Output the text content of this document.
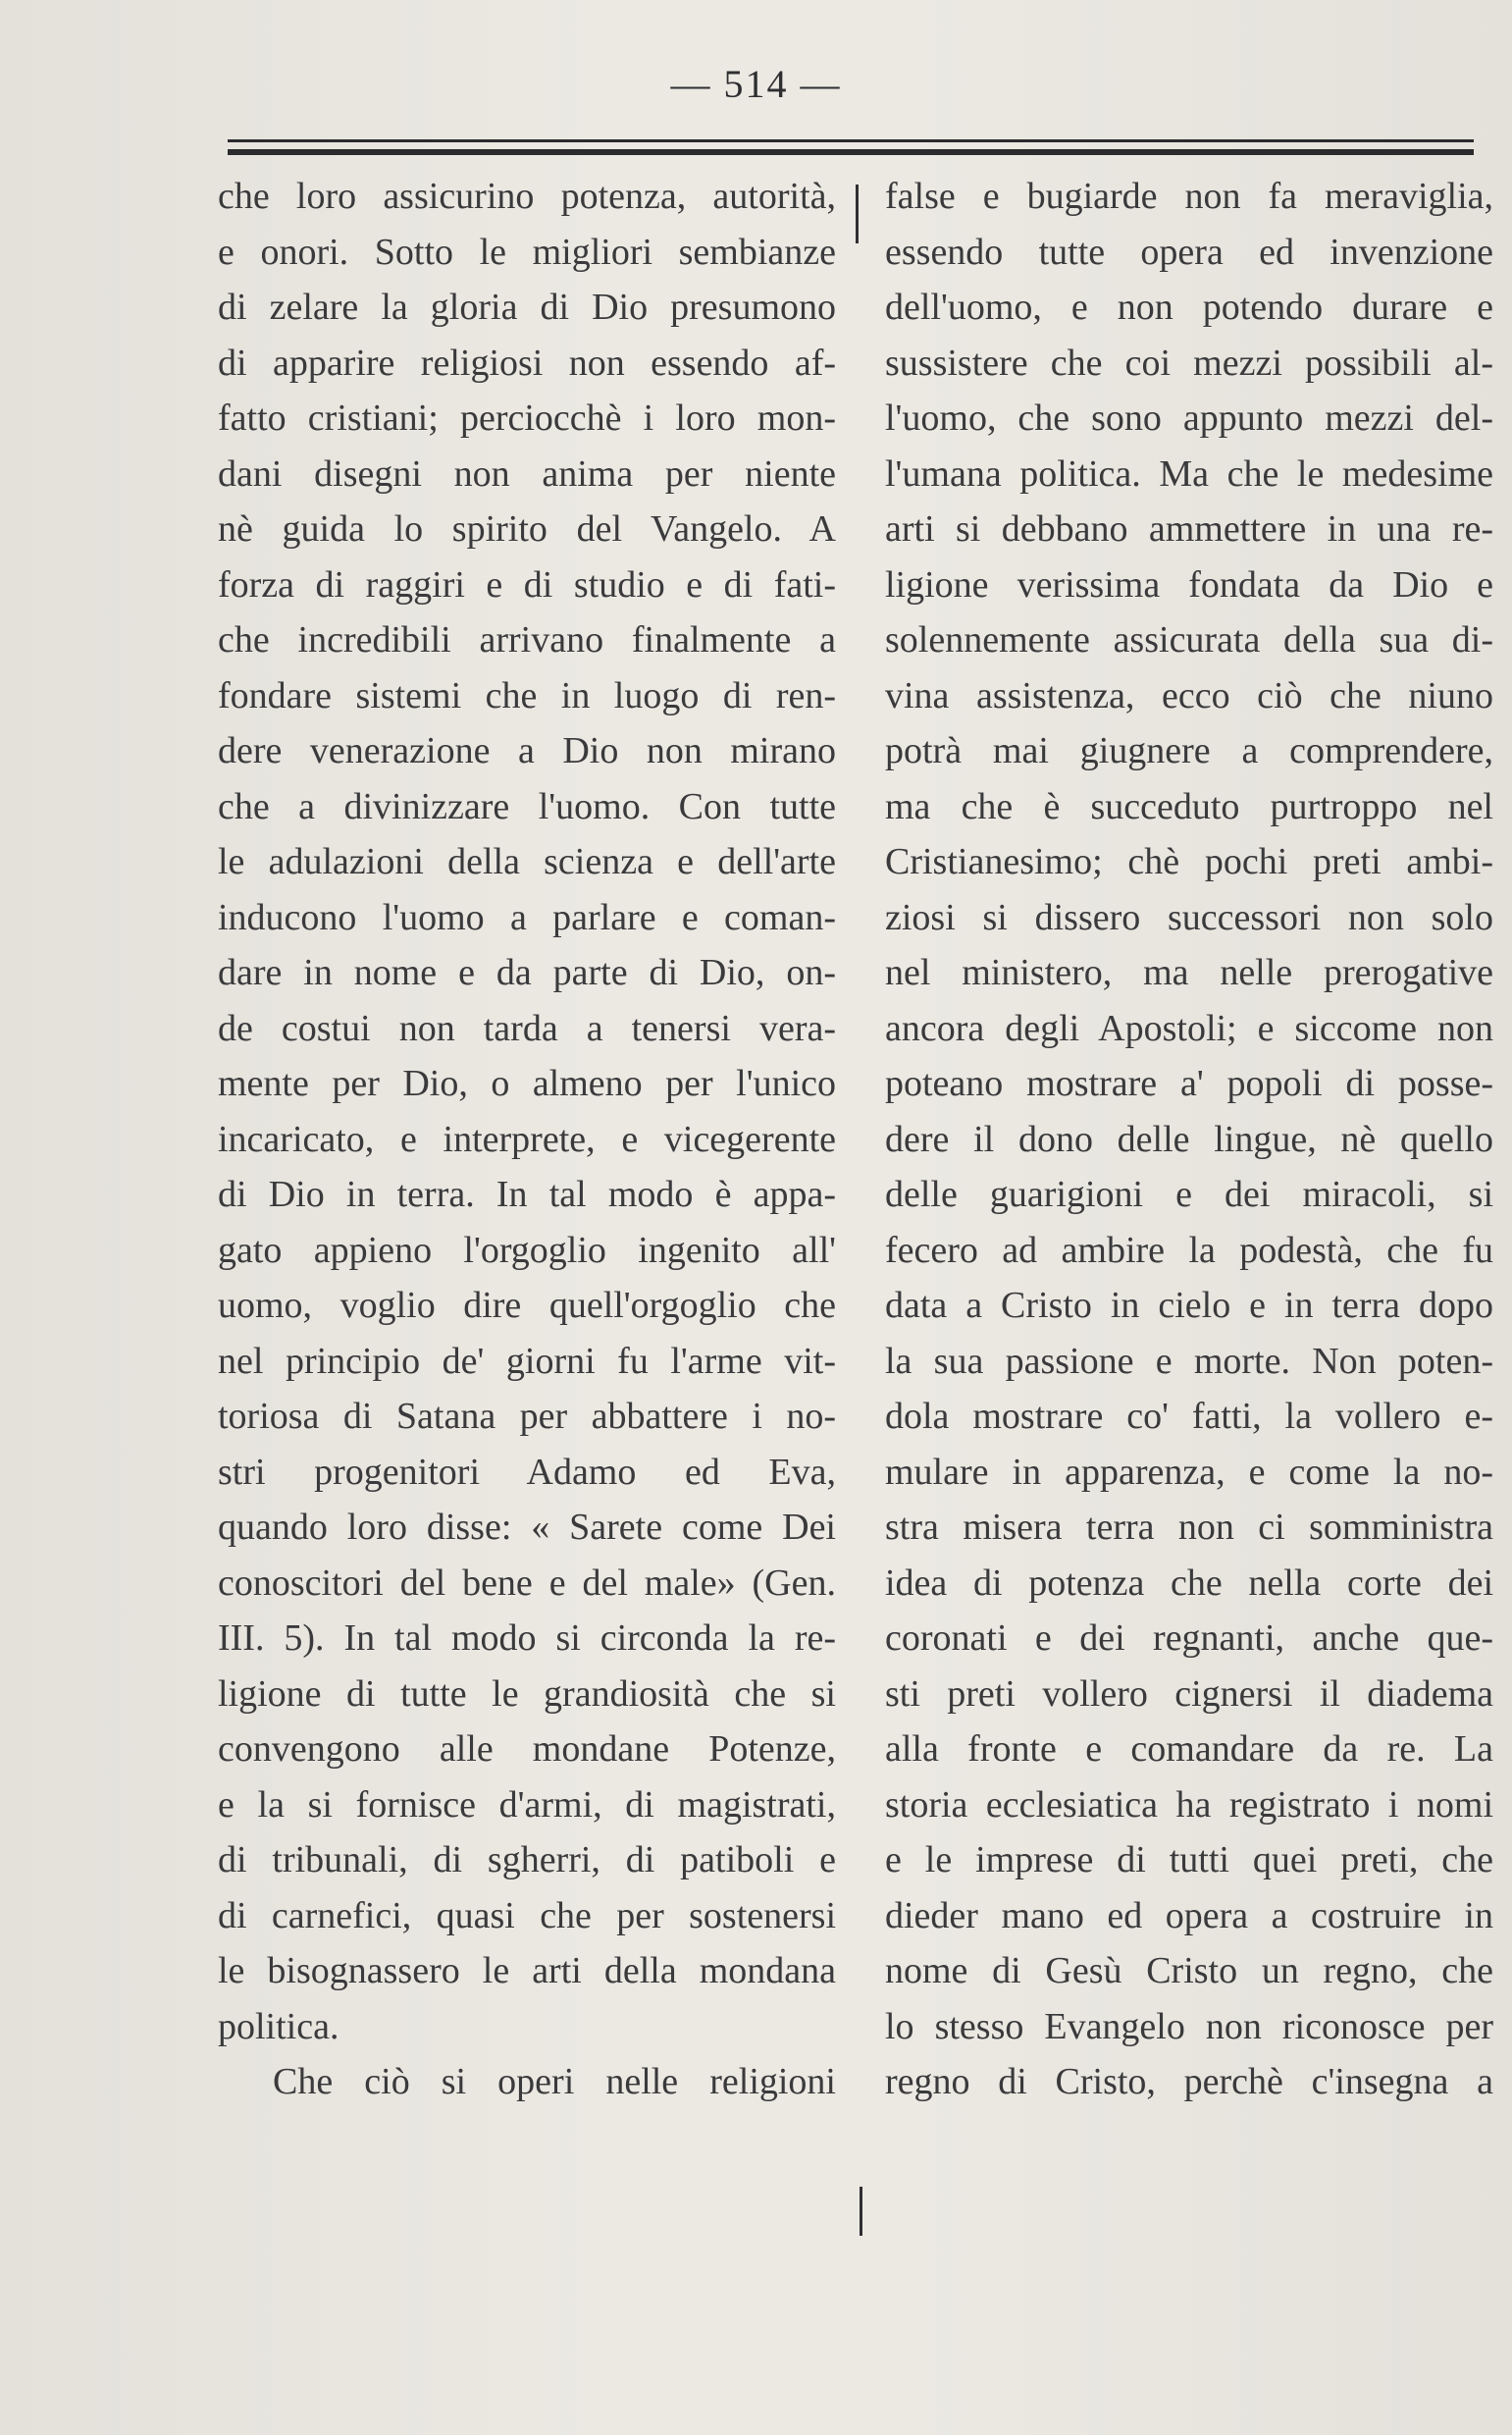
— 514 —
che loro assicurino potenza, autorità,
e onori. Sotto le migliori sembianze
di zelare la gloria di Dio presumono
di apparire religiosi non essendo af-
fatto cristiani; perciocchè i loro mon-
dani disegni non anima per niente
nè guida lo spirito del Vangelo. A
forza di raggiri e di studio e di fati-
che incredibili arrivano finalmente a
fondare sistemi che in luogo di ren-
dere venerazione a Dio non mirano
che a divinizzare l'uomo. Con tutte
le adulazioni della scienza e dell'arte
inducono l'uomo a parlare e coman-
dare in nome e da parte di Dio, on-
de costui non tarda a tenersi vera-
mente per Dio, o almeno per l'unico
incaricato, e interprete, e vicegerente
di Dio in terra. In tal modo è appa-
gato appieno l'orgoglio ingenito all'
uomo, voglio dire quell'orgoglio che
nel principio de' giorni fu l'arme vit-
toriosa di Satana per abbattere i no-
stri progenitori Adamo ed Eva,
quando loro disse: « Sarete come Dei
conoscitori del bene e del male» (Gen.
III. 5). In tal modo si circonda la re-
ligione di tutte le grandiosità che si
convengono alle mondane Potenze,
e la si fornisce d'armi, di magistrati,
di tribunali, di sgherri, di patiboli e
di carnefici, quasi che per sostenersi
le bisognassero le arti della mondana
politica.
Che ciò si operi nelle religioni
false e bugiarde non fa meraviglia,
essendo tutte opera ed invenzione
dell'uomo, e non potendo durare e
sussistere che coi mezzi possibili al-
l'uomo, che sono appunto mezzi del-
l'umana politica. Ma che le medesime
arti si debbano ammettere in una re-
ligione verissima fondata da Dio e
solennemente assicurata della sua di-
vina assistenza, ecco ciò che niuno
potrà mai giugnere a comprendere,
ma che è succeduto purtroppo nel
Cristianesimo; chè pochi preti ambi-
ziosi si dissero successori non solo
nel ministero, ma nelle prerogative
ancora degli Apostoli; e siccome non
poteano mostrare a' popoli di posse-
dere il dono delle lingue, nè quello
delle guarigioni e dei miracoli, si
fecero ad ambire la podestà, che fu
data a Cristo in cielo e in terra dopo
la sua passione e morte. Non poten-
dola mostrare co' fatti, la vollero e-
mulare in apparenza, e come la no-
stra misera terra non ci somministra
idea di potenza che nella corte dei
coronati e dei regnanti, anche que-
sti preti vollero cignersi il diadema
alla fronte e comandare da re. La
storia ecclesiatica ha registrato i nomi
e le imprese di tutti quei preti, che
dieder mano ed opera a costruire in
nome di Gesù Cristo un regno, che
lo stesso Evangelo non riconosce per
regno di Cristo, perchè c'insegna a
